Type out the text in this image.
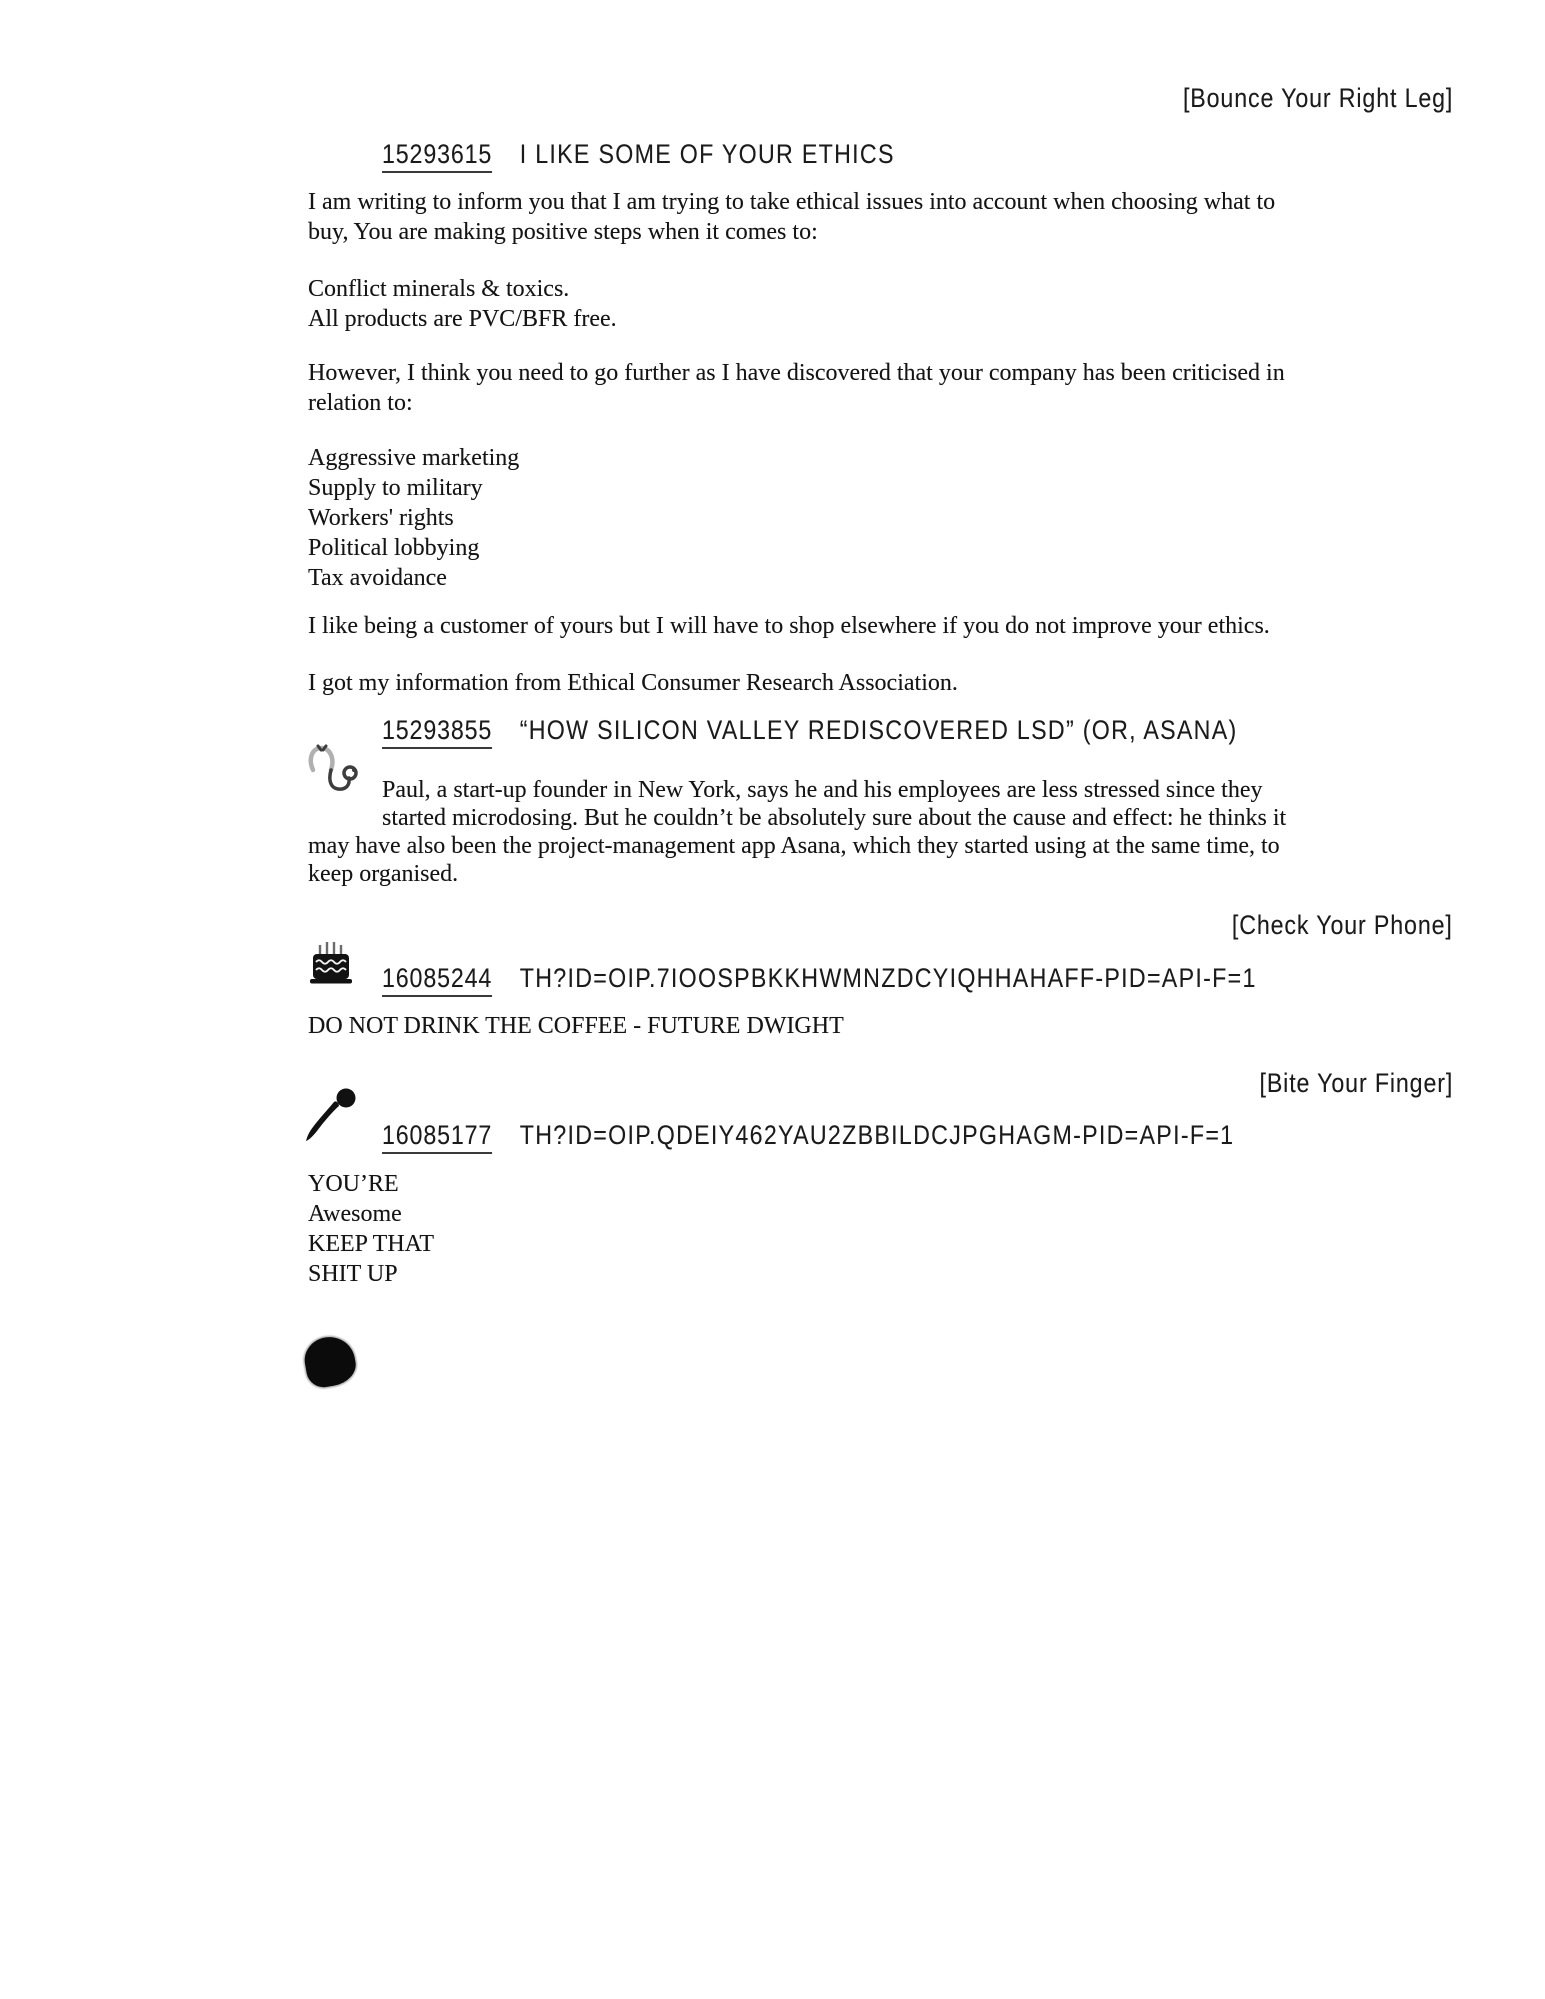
[Bounce Your Right Leg]
15293615 I LIKE SOME OF YOUR ETHICS
I am writing to inform you that I am trying to take ethical issues into account when choosing what to
buy, You are making positive steps when it comes to:
Conflict minerals & toxics.
All products are PVC/BFR free.
However, I think you need to go further as I have discovered that your company has been criticised in
relation to:
Aggressive marketing
Supply to military
Workers' rights
Political lobbying
Tax avoidance
I like being a customer of yours but I will have to shop elsewhere if you do not improve your ethics.
I got my information from Ethical Consumer Research Association.
15293855 “HOW SILICON VALLEY REDISCOVERED LSD” (OR, ASANA)
Paul, a start-up founder in New York, says he and his employees are less stressed since they
started microdosing. But he couldn’t be absolutely sure about the cause and effect: he thinks it
may have also been the project-management app Asana, which they started using at the same time, to
keep organised.
[Check Your Phone]
16085244 TH?ID=OIP.7IOOSPBKKHWMNZDCYIQHHAHAFF-PID=API-F=1
DO NOT DRINK THE COFFEE - FUTURE DWIGHT
[Bite Your Finger]
16085177 TH?ID=OIP.QDEIY462YAU2ZBBILDCJPGHAGM-PID=API-F=1
YOU’RE
Awesome
KEEP THAT
SHIT UP
